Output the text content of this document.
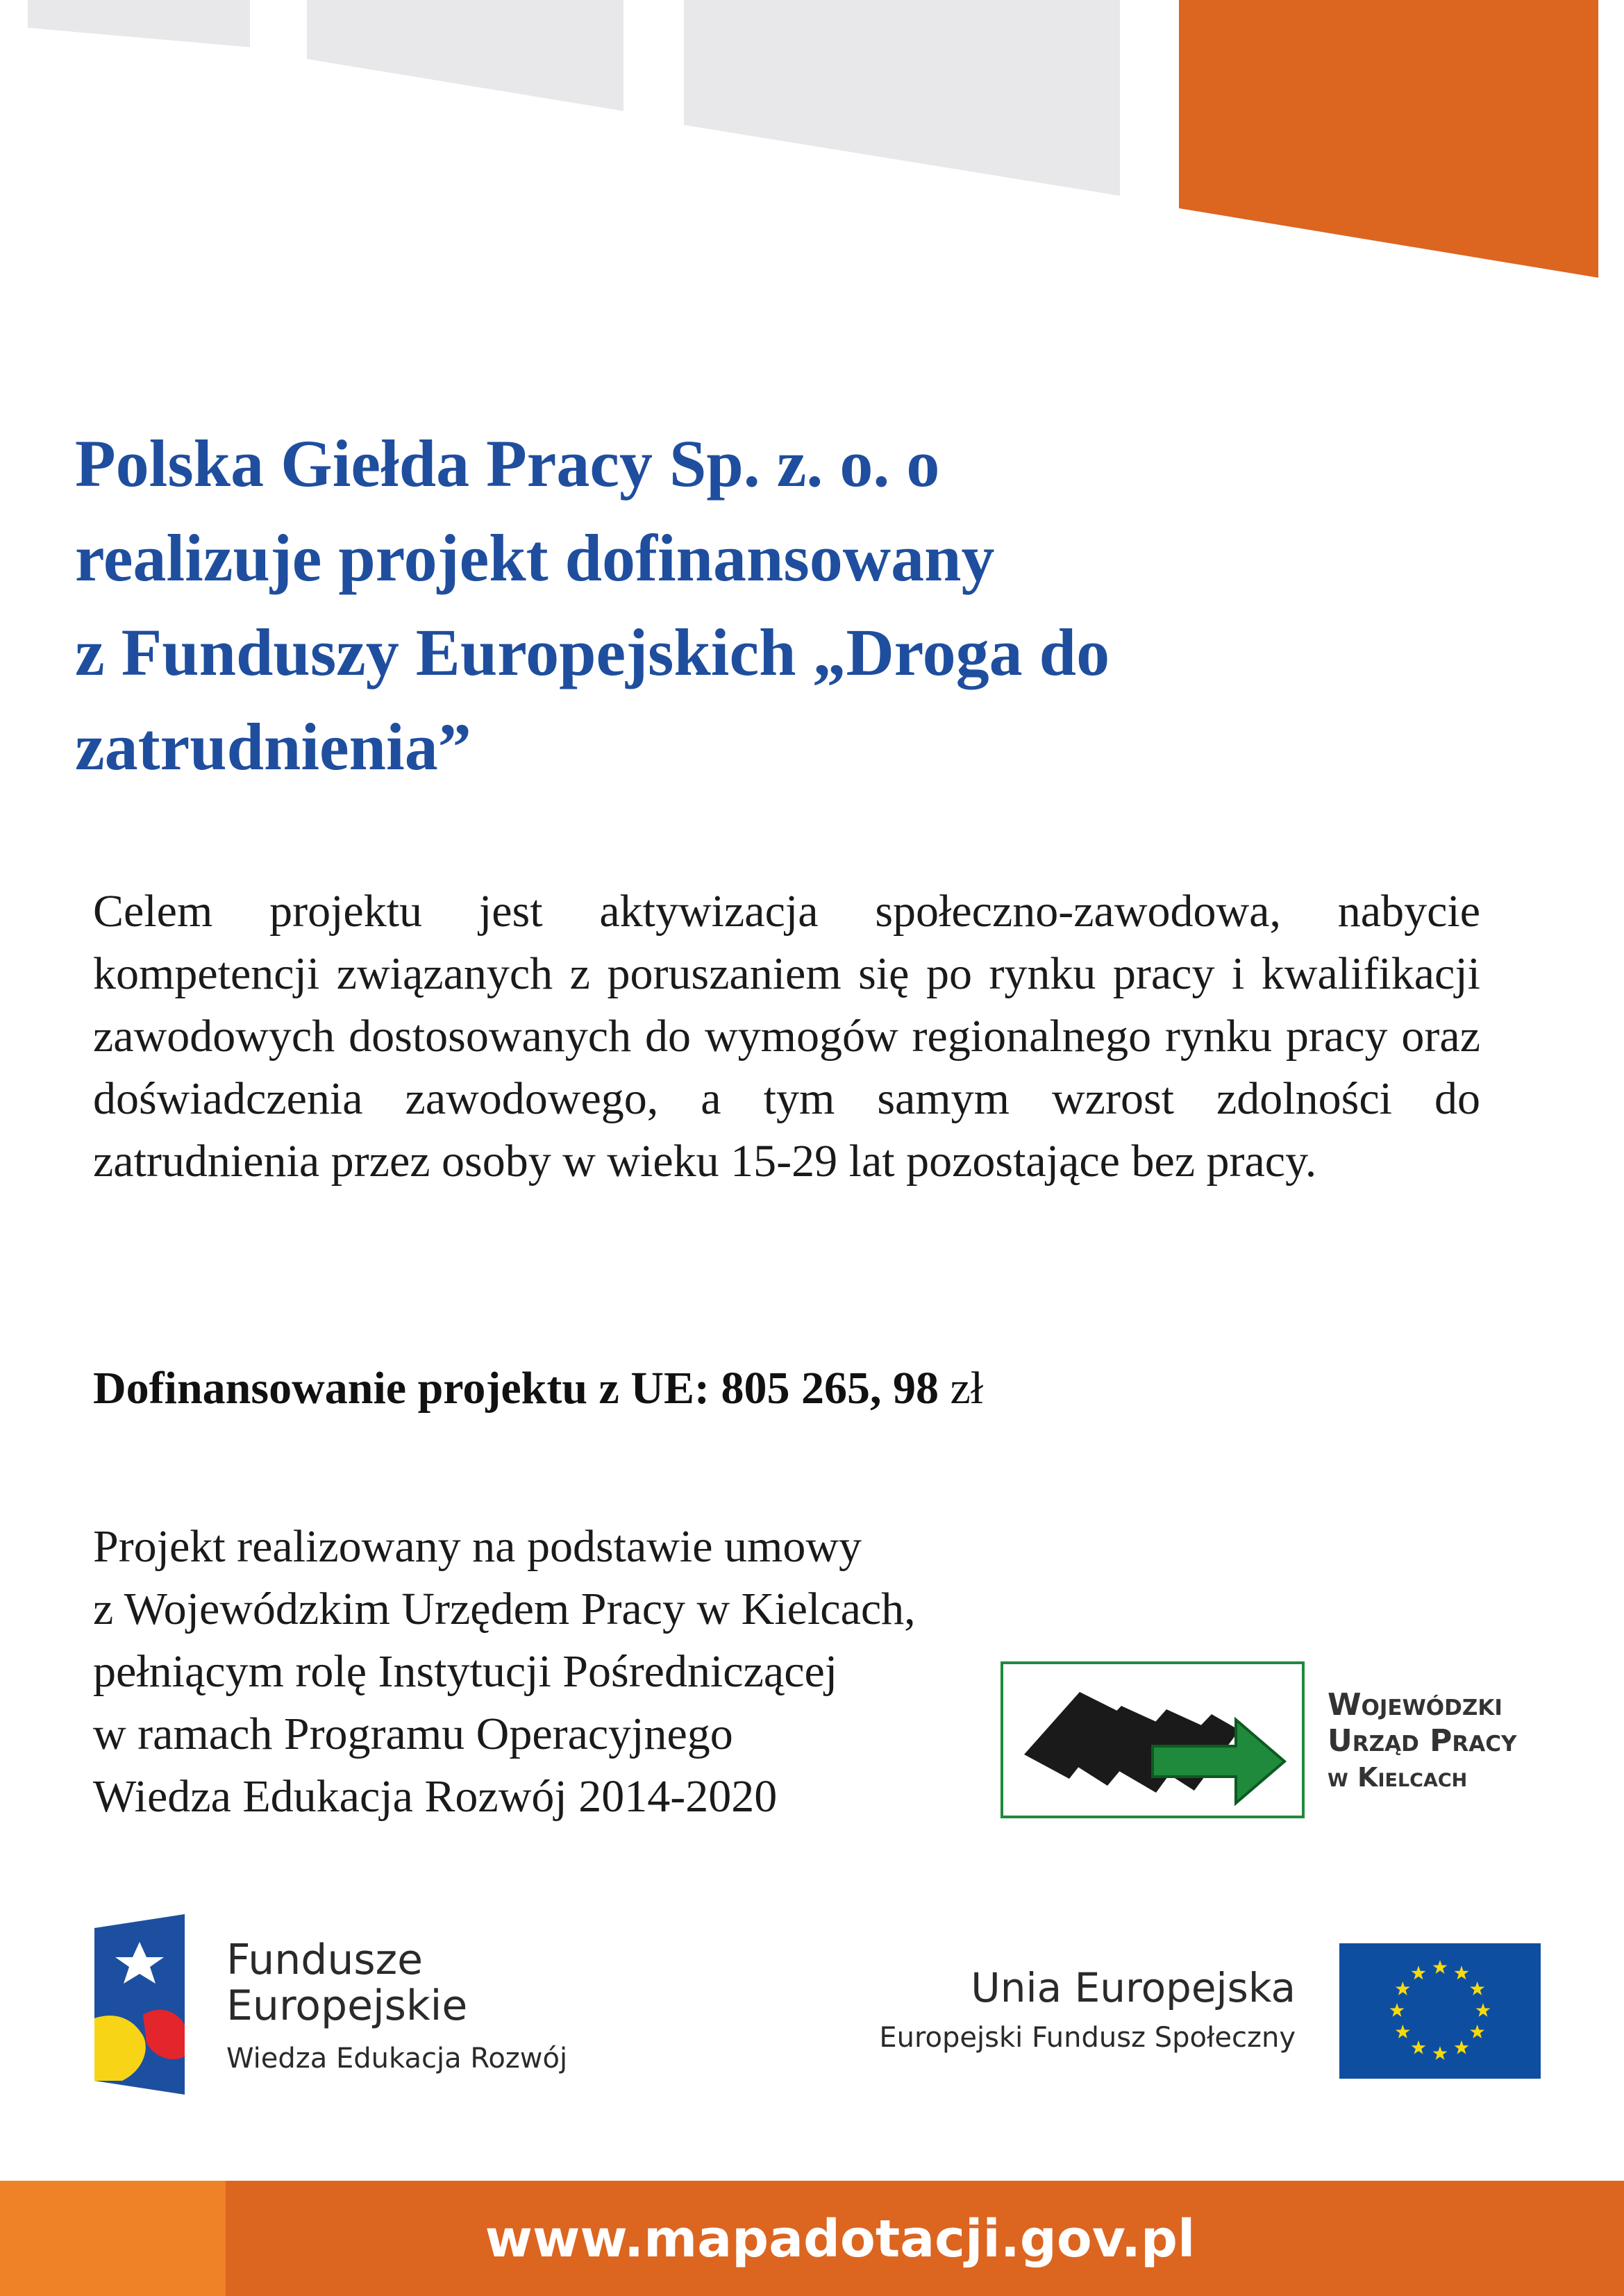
Polska Giełda Pracy Sp. z. o. o
realizuje projekt dofinansowany
z Funduszy Europejskich „Droga do
zatrudnienia”

Celem projektu jest aktywizacja społeczno-zawodowa, nabycie kompetencji związanych z poruszaniem się po rynku pracy i kwalifikacji zawodowych dostosowanych do wymogów regionalnego rynku pracy oraz doświadczenia zawodowego, a tym samym wzrost zdolności do zatrudnienia przez osoby w wieku 15-29 lat pozostające bez pracy.

Dofinansowanie projektu z UE: 805 265, 98 zł

Projekt realizowany na podstawie umowy
z Wojewódzkim Urzędem Pracy w Kielcach,
pełniącym rolę Instytucji Pośredniczącej
w ramach Programu Operacyjnego
Wiedza Edukacja Rozwój 2014-2020
Wojewódzki
Urząd Pracy
w Kielcach
Fundusze
Europejskie
Wiedza Edukacja Rozwój
Unia Europejska
Europejski Fundusz Społeczny
www.mapadotacji.gov.pl
